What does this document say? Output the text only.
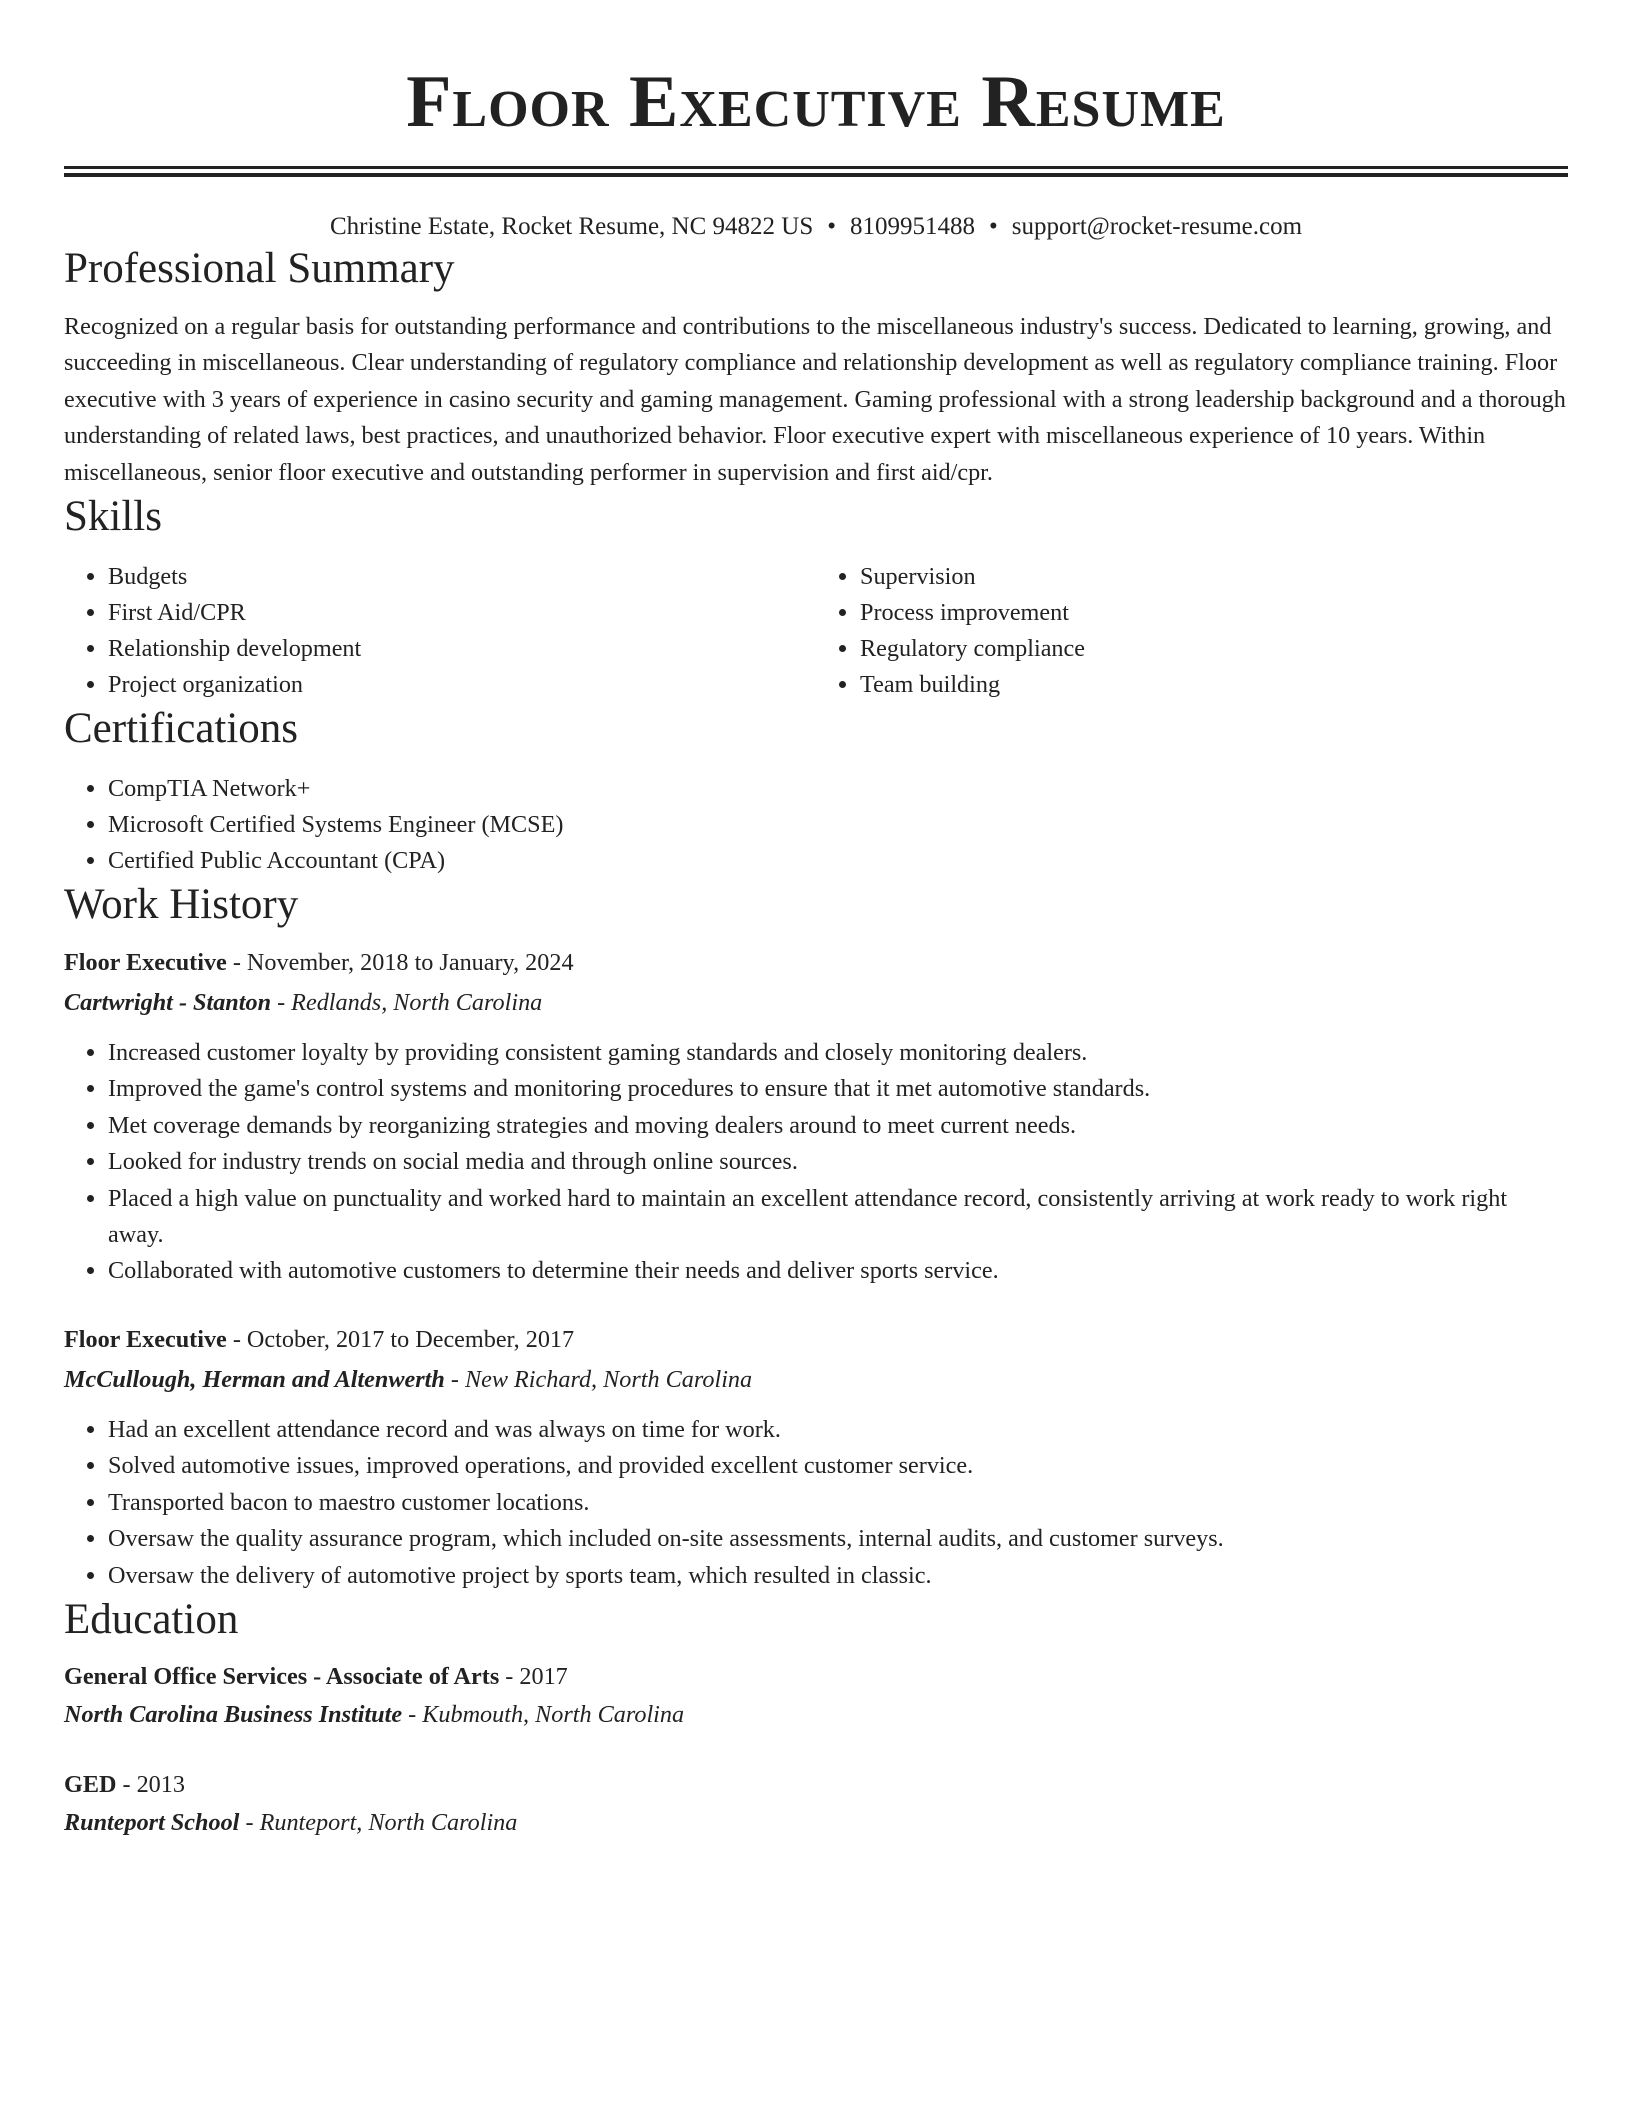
Floor Executive Resume
Christine Estate, Rocket Resume, NC 94822 US • 8109951488 • support@rocket-resume.com
Professional Summary
Recognized on a regular basis for outstanding performance and contributions to the miscellaneous industry's success. Dedicated to learning, growing, and succeeding in miscellaneous. Clear understanding of regulatory compliance and relationship development as well as regulatory compliance training. Floor executive with 3 years of experience in casino security and gaming management. Gaming professional with a strong leadership background and a thorough understanding of related laws, best practices, and unauthorized behavior. Floor executive expert with miscellaneous experience of 10 years. Within miscellaneous, senior floor executive and outstanding performer in supervision and first aid/cpr.
Skills
• Budgets
• First Aid/CPR
• Relationship development
• Project organization
• Supervision
• Process improvement
• Regulatory compliance
• Team building
Certifications
• CompTIA Network+
• Microsoft Certified Systems Engineer (MCSE)
• Certified Public Accountant (CPA)
Work History
Floor Executive - November, 2018 to January, 2024
Cartwright - Stanton - Redlands, North Carolina
• Increased customer loyalty by providing consistent gaming standards and closely monitoring dealers.
• Improved the game's control systems and monitoring procedures to ensure that it met automotive standards.
• Met coverage demands by reorganizing strategies and moving dealers around to meet current needs.
• Looked for industry trends on social media and through online sources.
• Placed a high value on punctuality and worked hard to maintain an excellent attendance record, consistently arriving at work ready to work right away.
• Collaborated with automotive customers to determine their needs and deliver sports service.
Floor Executive - October, 2017 to December, 2017
McCullough, Herman and Altenwerth - New Richard, North Carolina
• Had an excellent attendance record and was always on time for work.
• Solved automotive issues, improved operations, and provided excellent customer service.
• Transported bacon to maestro customer locations.
• Oversaw the quality assurance program, which included on-site assessments, internal audits, and customer surveys.
• Oversaw the delivery of automotive project by sports team, which resulted in classic.
Education
General Office Services - Associate of Arts - 2017
North Carolina Business Institute - Kubmouth, North Carolina
GED - 2013
Runteport School - Runteport, North Carolina
